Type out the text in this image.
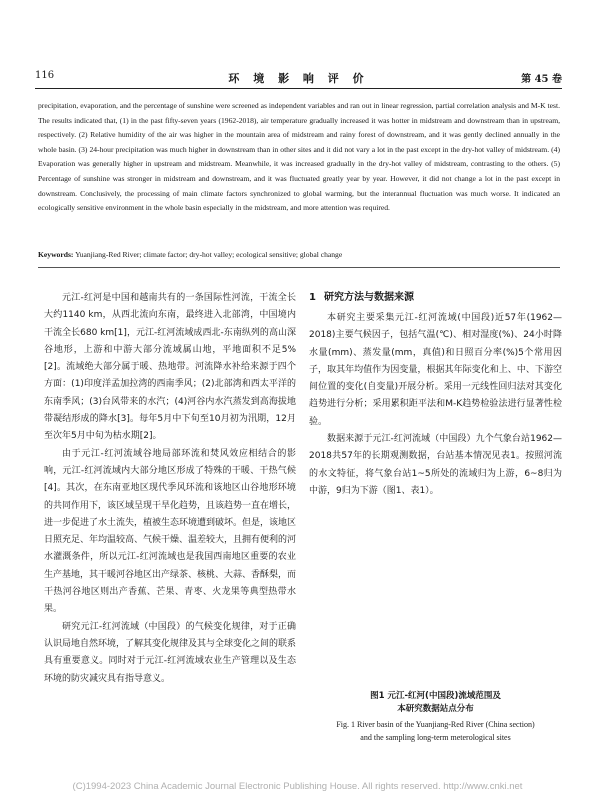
116	环 境 影 响 评 价	第 45 卷

precipitation, evaporation, and the percentage of sunshine were screened as independent variables and ran out in linear regression, partial correlation analysis and M-K test. The results indicated that, (1) in the past fifty-seven years (1962-2018), air temperature gradually increased it was hotter in midstream and downstream than in upstream, respectively. (2) Relative humidity of the air was higher in the mountain area of midstream and rainy forest of downstream, and it was gently declined annually in the whole basin. (3) 24-hour precipitation was much higher in downstream than in other sites and it did not vary a lot in the past except in the dry-hot valley of midstream. (4) Evaporation was generally higher in upstream and midstream. Meanwhile, it was increased gradually in the dry-hot valley of midstream, contrasting to the others. (5) Percentage of sunshine was stronger in midstream and downstream, and it was fluctuated greatly year by year. However, it did not change a lot in the past except in downstream. Conclusively, the processing of main climate factors synchronized to global warming, but the interannual fluctuation was much worse. It indicated an ecologically sensitive environment in the whole basin especially in the midstream, and more attention was required.

Keywords: Yuanjiang-Red River; climate factor; dry-hot valley; ecological sensitive; global change

元江-红河是中国和越南共有的一条国际性河流，干流全长大约1140 km，从西北流向东南，最终进入北部湾，中国境内干流全长680 km[1]，元江-红河流域成西北-东南纵列的高山深谷地形，上游和中游大部分流域属山地，平地面积不足5%[2]。流域绝大部分属于暖、热地带。河流降水补给来源于四个方面：(1)印度洋孟加拉湾的西南季风；(2)北部湾和西太平洋的东南季风；(3)台风带来的水汽；(4)河谷内水汽蒸发到高海拔地带凝结形成的降水[3]。每年5月中下旬至10月初为汛期，12月至次年5月中旬为枯水期[2]。

由于元江-红河流域谷地局部环流和焚风效应相结合的影响，元江-红河流域内大部分地区形成了特殊的干暖、干热气候[4]。其次，在东南亚地区现代季风环流和该地区山谷地形环境的共同作用下，该区域呈现干旱化趋势，且该趋势一直在增长，进一步促进了水土流失，植被生态环境遭到破坏。但是，该地区日照充足、年均温较高、气候干燥、温差较大，且拥有便利的河水灌溉条件，所以元江-红河流域也是我国西南地区重要的农业生产基地，其干暖河谷地区出产绿茶、核桃、大蒜、香酥梨，而干热河谷地区则出产香蕉、芒果、青枣、火龙果等典型热带水果。

研究元江-红河流域（中国段）的气候变化规律，对于正确认识局地自然环境，了解其变化规律及其与全球变化之间的联系具有重要意义。同时对于元江-红河流域农业生产管理以及生态环境的防灾减灾具有指导意义。

1 研究方法与数据来源

本研究主要采集元江-红河流域(中国段)近57年(1962—2018)主要气候因子，包括气温(℃)、相对湿度(%)、24小时降水量(mm)、蒸发量(mm，真值)和日照百分率(%)5个常用因子，取其年均值作为因变量，根据其年际变化和上、中、下游空间位置的变化(自变量)开展分析。采用一元线性回归法对其变化趋势进行分析；采用累积距平法和M-K趋势检验法进行显著性检验。

数据来源于元江-红河流域（中国段）九个气象台站1962—2018共57年的长期观测数据，台站基本情况见表1。按照河流的水文特征，将气象台站1~5所处的流域归为上游，6~8归为中游，9归为下游（图1、表1）。

图1 元江-红河(中国段)流域范围及
本研究数据站点分布
Fig. 1 River basin of the Yuanjiang-Red River (China section)
and the sampling long-term meterological sites
(C)1994-2023 China Academic Journal Electronic Publishing House. All rights reserved. http://www.cnki.net
